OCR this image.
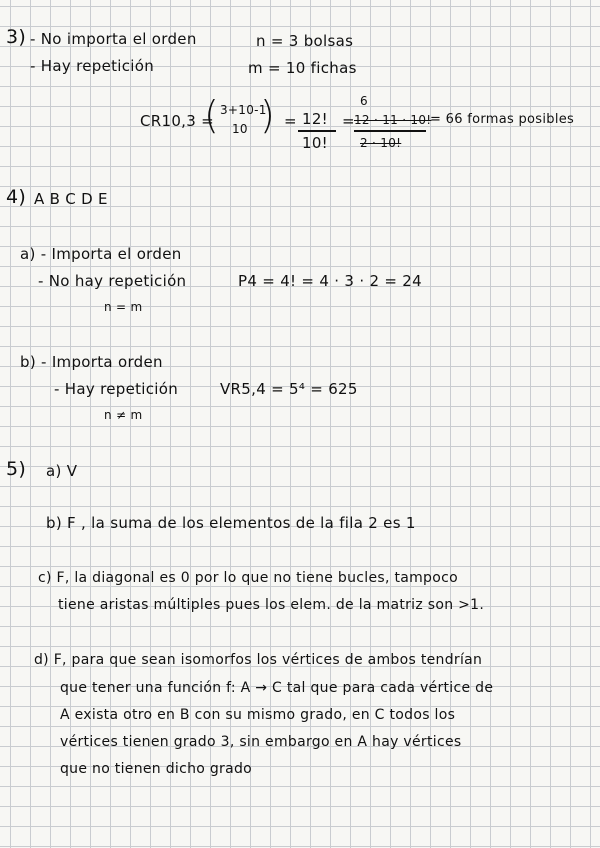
3) - No importa el orden
- Hay repetición
n = 3 bolsas
m = 10 fichas
CR10,3 =
( 3+10-1
10 ) = 12!
10!
=
6
12 · 11 · 10!
2 · 10!
= 66 formas posibles
4) A B C D E
a) - Importa el orden
- No hay repetición	P4 = 4! = 4 · 3 · 2 = 24
n = m
b) - Importa orden
- Hay repetición	VR5,4 = 5⁴ = 625
n ≠ m
5) a) V
b) F , la suma de los elementos de la fila 2 es 1
c) F, la diagonal es 0 por lo que no tiene bucles, tampoco
tiene aristas múltiples pues los elem. de la matriz son >1.
d) F, para que sean isomorfos los vértices de ambos tendrían
que tener una función f: A → C tal que para cada vértice de
A exista otro en B con su mismo grado, en C todos los
vértices tienen grado 3, sin embargo en A hay vértices
que no tienen dicho grado
